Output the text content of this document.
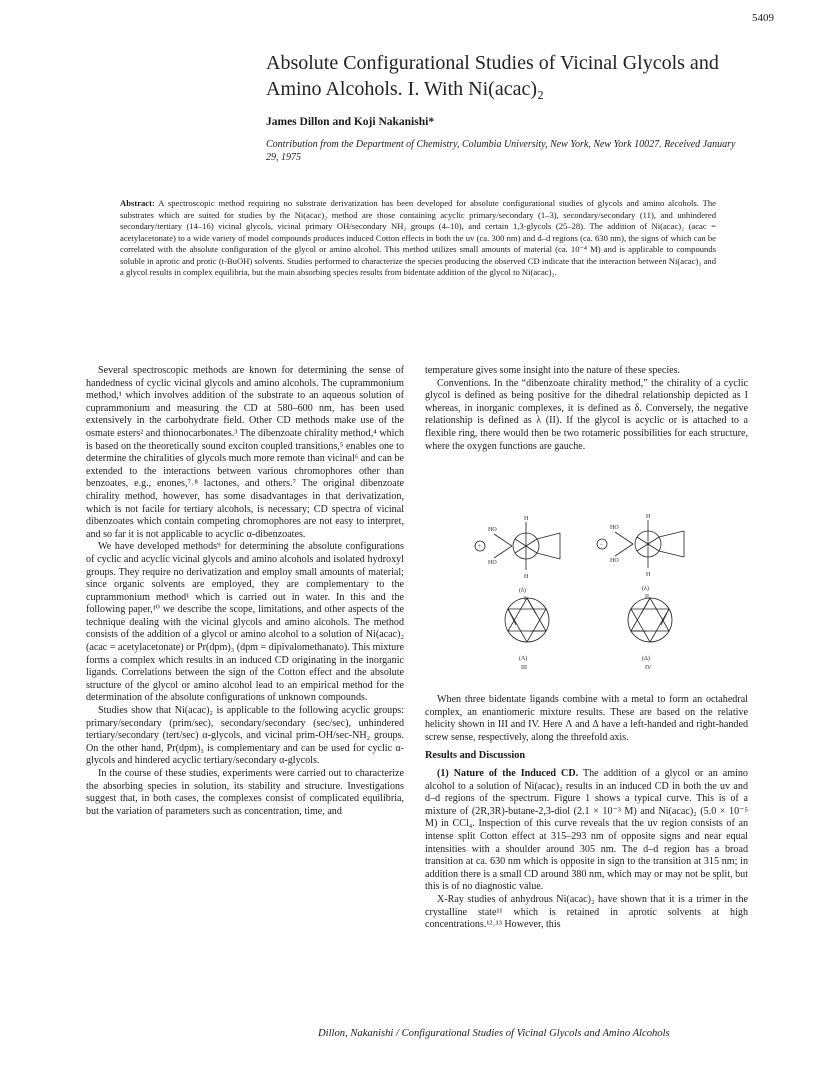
5409
Absolute Configurational Studies of Vicinal Glycols and Amino Alcohols. I. With Ni(acac)₂
James Dillon and Koji Nakanishi*
Contribution from the Department of Chemistry, Columbia University, New York, New York 10027. Received January 29, 1975
Abstract: A spectroscopic method requiring no substrate derivatization has been developed for absolute configurational studies of glycols and amino alcohols. The substrates which are suited for studies by the Ni(acac)₂ method are those containing acyclic primary/secondary (1–3), secondary/secondary (11), and unhindered secondary/tertiary (14–16) vicinal glycols, vicinal primary OH/secondary NH₂ groups (4–10), and certain 1,3-glycols (25–28). The addition of Ni(acac)₂ (acac = acetylacetonate) to a wide variety of model compounds produces induced Cotton effects in both the uv (ca. 300 nm) and d–d regions (ca. 630 nm), the signs of which can be correlated with the absolute configuration of the glycol or amino alcohol. This method utilizes small amounts of material (ca. 10⁻⁴ M) and is applicable to compounds soluble in aprotic and protic (t-BuOH) solvents. Studies performed to characterize the species producing the observed CD indicate that the interaction between Ni(acac)₂ and a glycol results in complex equilibria, but the main absorbing species results from bidentate addition of the glycol to Ni(acac)₂.

Several spectroscopic methods are known for determining the sense of handedness of cyclic vicinal glycols and amino alcohols. The cuprammonium method,¹ which involves addition of the substrate to an aqueous solution of cuprammonium and measuring the CD at 580–600 nm, has been used extensively in the carbohydrate field. Other CD methods make use of the osmate esters² and thionocarbonates.³ The dibenzoate chirality method,⁴ which is based on the theoretically sound exciton coupled transitions,⁵ enables one to determine the chiralities of glycols much more remote than vicinal⁶ and can be extended to the interactions between various chromophores other than benzoates, e.g., enones,⁷˒⁸ lactones, and others.⁷ The original dibenzoate chirality method, however, has some disadvantages in that derivatization, which is not facile for tertiary alcohols, is necessary; CD spectra of vicinal dibenzoates which contain competing chromophores are not easy to interpret, and so far it is not applicable to acyclic α-dibenzoates.

We have developed methods⁹ for determining the absolute configurations of cyclic and acyclic vicinal glycols and amino alcohols and isolated hydroxyl groups. They require no derivatization and employ small amounts of material; since organic solvents are employed, they are complementary to the cuprammonium method¹ which is carried out in water. In this and the following paper,¹⁰ we describe the scope, limitations, and other aspects of the technique dealing with the vicinal glycols and amino alcohols. The method consists of the addition of a glycol or amino alcohol to a solution of Ni(acac)₂ (acac = acetylacetonate) or Pr(dpm)₃ (dpm = dipivalomethanato). This mixture forms a complex which results in an induced CD originating in the inorganic ligands. Correlations between the sign of the Cotton effect and the absolute structure of the glycol or amino alcohol lead to an empirical method for the determination of the absolute configurations of unknown compounds.

Studies show that Ni(acac)₂ is applicable to the following acyclic groups: primary/secondary (prim/sec), secondary/secondary (sec/sec), unhindered tertiary/secondary (tert/sec) α-glycols, and vicinal prim-OH/sec-NH₂ groups. On the other hand, Pr(dpm)₃ is complementary and can be used for cyclic α-glycols and hindered acyclic tertiary/secondary α-glycols.

In the course of these studies, experiments were carried out to characterize the absorbing species in solution, its stability and structure. Investigations suggest that, in both cases, the complexes consist of complicated equilibria, but the variation of parameters such as concentration, time, and

temperature gives some insight into the nature of these species.

Conventions. In the “dibenzoate chirality method,” the chirality of a cyclic glycol is defined as being positive for the dihedral relationship depicted as I whereas, in inorganic complexes, it is defined as δ. Conversely, the negative relationship is defined as λ (II). If the glycol is acyclic or is attached to a flexible ring, there would then be two rotameric possibilities for each structure, where the oxygen functions are gauche.

+
HO
HO
H
H
(δ)
I
−
HO
HO
H
H
(λ)
II
(Λ)
III
(Δ)
IV

When three bidentate ligands combine with a metal to form an octahedral complex, an enantiomeric mixture results. These are based on the relative helicity shown in III and IV. Here Λ and Δ have a left-handed and right-handed screw sense, respectively, along the threefold axis.

Results and Discussion

(1) Nature of the Induced CD. The addition of a glycol or an amino alcohol to a solution of Ni(acac)₂ results in an induced CD in both the uv and d–d regions of the spectrum. Figure 1 shows a typical curve. This is of a mixture of (2R,3R)-butane-2,3-diol (2.1 × 10⁻³ M) and Ni(acac)₂ (5.0 × 10⁻⁵ M) in CCl₄. Inspection of this curve reveals that the uv region consists of an intense split Cotton effect at 315–293 nm of opposite signs and near equal intensities with a shoulder around 305 nm. The d–d region has a broad transition at ca. 630 nm which is opposite in sign to the transition at 315 nm; in addition there is a small CD around 380 nm, which may or may not be split, but this is of no diagnostic value.

X-Ray studies of anhydrous Ni(acac)₂ have shown that it is a trimer in the crystalline state¹¹ which is retained in aprotic solvents at high concentrations.¹²˒¹³ However, this

Dillon, Nakanishi / Configurational Studies of Vicinal Glycols and Amino Alcohols
